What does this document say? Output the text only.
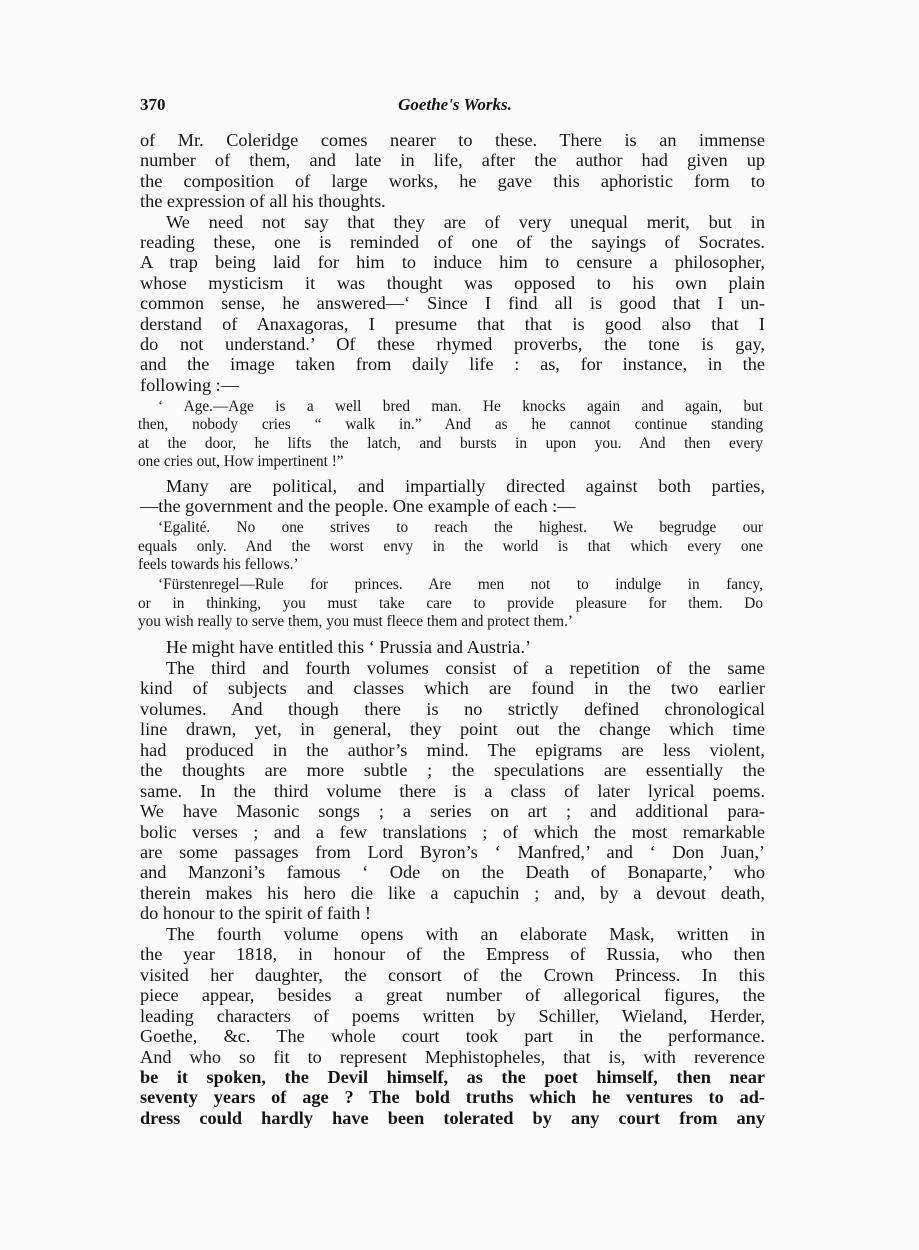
370	Goethe's Works.
of Mr. Coleridge comes nearer to these. There is an immense
number of them, and late in life, after the author had given up
the composition of large works, he gave this aphoristic form to
the expression of all his thoughts.
We need not say that they are of very unequal merit, but in
reading these, one is reminded of one of the sayings of Socrates.
A trap being laid for him to induce him to censure a philosopher,
whose mysticism it was thought was opposed to his own plain
common sense, he answered—‘ Since I find all is good that I un-
derstand of Anaxagoras, I presume that that is good also that I
do not understand.’ Of these rhymed proverbs, the tone is gay,
and the image taken from daily life : as, for instance, in the
following :—
‘ Age.—Age is a well bred man. He knocks again and again, but
then, nobody cries “ walk in.” And as he cannot continue standing
at the door, he lifts the latch, and bursts in upon you. And then every
one cries out, How impertinent !”
Many are political, and impartially directed against both parties,
—the government and the people. One example of each :—
‘Egalité. No one strives to reach the highest. We begrudge our
equals only. And the worst envy in the world is that which every one
feels towards his fellows.’
‘Fürstenregel—Rule for princes. Are men not to indulge in fancy,
or in thinking, you must take care to provide pleasure for them. Do
you wish really to serve them, you must fleece them and protect them.’
He might have entitled this ‘ Prussia and Austria.’
The third and fourth volumes consist of a repetition of the same
kind of subjects and classes which are found in the two earlier
volumes. And though there is no strictly defined chronological
line drawn, yet, in general, they point out the change which time
had produced in the author’s mind. The epigrams are less violent,
the thoughts are more subtle ; the speculations are essentially the
same. In the third volume there is a class of later lyrical poems.
We have Masonic songs ; a series on art ; and additional para-
bolic verses ; and a few translations ; of which the most remarkable
are some passages from Lord Byron’s ‘ Manfred,’ and ‘ Don Juan,’
and Manzoni’s famous ‘ Ode on the Death of Bonaparte,’ who
therein makes his hero die like a capuchin ; and, by a devout death,
do honour to the spirit of faith !
The fourth volume opens with an elaborate Mask, written in
the year 1818, in honour of the Empress of Russia, who then
visited her daughter, the consort of the Crown Princess. In this
piece appear, besides a great number of allegorical figures, the
leading characters of poems written by Schiller, Wieland, Herder,
Goethe, &c. The whole court took part in the performance.
And who so fit to represent Mephistopheles, that is, with reverence
be it spoken, the Devil himself, as the poet himself, then near
seventy years of age ? The bold truths which he ventures to ad-
dress could hardly have been tolerated by any court from any
